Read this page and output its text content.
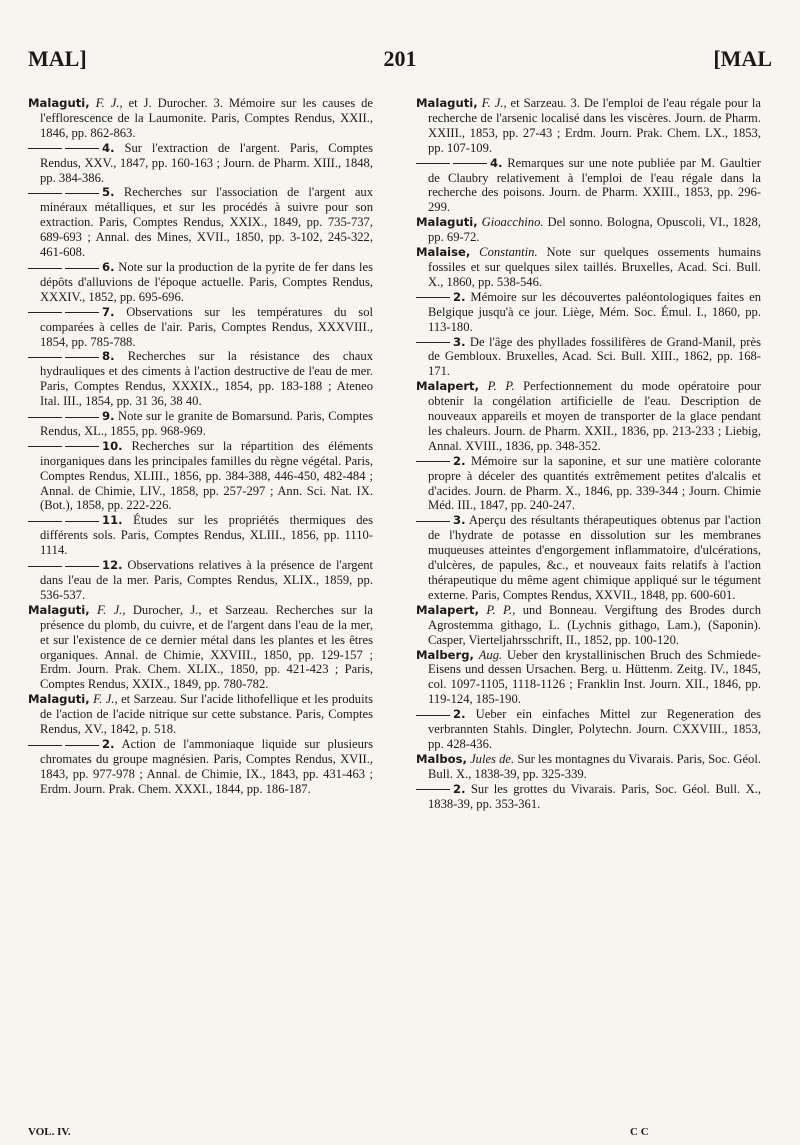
MAL]	201	[MAL

Malaguti, F. J., et J. Durocher. 3. Mémoire sur les causes de l'efflorescence de la Laumonite. Paris, Comptes Rendus, XXII., 1846, pp. 862-863.

4. Sur l'extraction de l'argent. Paris, Comptes Rendus, XXV., 1847, pp. 160-163 ; Journ. de Pharm. XIII., 1848, pp. 384-386.

5. Recherches sur l'association de l'argent aux minéraux métalliques, et sur les procédés à suivre pour son extraction. Paris, Comptes Rendus, XXIX., 1849, pp. 735-737, 689-693 ; Annal. des Mines, XVII., 1850, pp. 3-102, 245-322, 461-608.

6. Note sur la production de la pyrite de fer dans les dépôts d'alluvions de l'époque actuelle. Paris, Comptes Rendus, XXXIV., 1852, pp. 695-696.

7. Observations sur les températures du sol comparées à celles de l'air. Paris, Comptes Rendus, XXXVIII., 1854, pp. 785-788.

8. Recherches sur la résistance des chaux hydrauliques et des ciments à l'action destructive de l'eau de mer. Paris, Comptes Rendus, XXXIX., 1854, pp. 183-188 ; Ateneo Ital. III., 1854, pp. 31 36, 38 40.

9. Note sur le granite de Bomarsund. Paris, Comptes Rendus, XL., 1855, pp. 968-969.

10. Recherches sur la répartition des éléments inorganiques dans les principales familles du règne végétal. Paris, Comptes Rendus, XLIII., 1856, pp. 384-388, 446-450, 482-484 ; Annal. de Chimie, LIV., 1858, pp. 257-297 ; Ann. Sci. Nat. IX. (Bot.), 1858, pp. 222-226.

11. Études sur les propriétés thermiques des différents sols. Paris, Comptes Rendus, XLIII., 1856, pp. 1110-1114.

12. Observations relatives à la présence de l'argent dans l'eau de la mer. Paris, Comptes Rendus, XLIX., 1859, pp. 536-537.

Malaguti, F. J., Durocher, J., et Sarzeau. Recherches sur la présence du plomb, du cuivre, et de l'argent dans l'eau de la mer, et sur l'existence de ce dernier métal dans les plantes et les êtres organiques. Annal. de Chimie, XXVIII., 1850, pp. 129-157 ; Erdm. Journ. Prak. Chem. XLIX., 1850, pp. 421-423 ; Paris, Comptes Rendus, XXIX., 1849, pp. 780-782.

Malaguti, F. J., et Sarzeau. Sur l'acide lithofellique et les produits de l'action de l'acide nitrique sur cette substance. Paris, Comptes Rendus, XV., 1842, p. 518.

2. Action de l'ammoniaque liquide sur plusieurs chromates du groupe magnésien. Paris, Comptes Rendus, XVII., 1843, pp. 977-978 ; Annal. de Chimie, IX., 1843, pp. 431-463 ; Erdm. Journ. Prak. Chem. XXXI., 1844, pp. 186-187.

Malaguti, F. J., et Sarzeau. 3. De l'emploi de l'eau régale pour la recherche de l'arsenic localisé dans les viscères. Journ. de Pharm. XXIII., 1853, pp. 27-43 ; Erdm. Journ. Prak. Chem. LX., 1853, pp. 107-109.

4. Remarques sur une note publiée par M. Gaultier de Claubry relativement à l'emploi de l'eau régale dans la recherche des poisons. Journ. de Pharm. XXIII., 1853, pp. 296-299.

Malaguti, Gioacchino. Del sonno. Bologna, Opuscoli, VI., 1828, pp. 69-72.

Malaise, Constantin. Note sur quelques ossements humains fossiles et sur quelques silex taillés. Bruxelles, Acad. Sci. Bull. X., 1860, pp. 538-546.

2. Mémoire sur les découvertes paléontologiques faites en Belgique jusqu'à ce jour. Liège, Mém. Soc. Émul. I., 1860, pp. 113-180.

3. De l'âge des phyllades fossilifères de Grand-Manil, près de Gembloux. Bruxelles, Acad. Sci. Bull. XIII., 1862, pp. 168-171.

Malapert, P. P. Perfectionnement du mode opératoire pour obtenir la congélation artificielle de l'eau. Description de nouveaux appareils et moyen de transporter de la glace pendant les chaleurs. Journ. de Pharm. XXII., 1836, pp. 213-233 ; Liebig, Annal. XVIII., 1836, pp. 348-352.

2. Mémoire sur la saponine, et sur une matière colorante propre à déceler des quantités extrêmement petites d'alcalis et d'acides. Journ. de Pharm. X., 1846, pp. 339-344 ; Journ. Chimie Méd. III., 1847, pp. 240-247.

3. Aperçu des résultants thérapeutiques obtenus par l'action de l'hydrate de potasse en dissolution sur les membranes muqueuses atteintes d'engorgement inflammatoire, d'ulcérations, d'ulcères, de papules, &c., et nouveaux faits relatifs à l'action thérapeutique du même agent chimique appliqué sur le tégument externe. Paris, Comptes Rendus, XXVII., 1848, pp. 600-601.

Malapert, P. P., und Bonneau. Vergiftung des Brodes durch Agrostemma githago, L. (Lychnis githago, Lam.), (Saponin). Casper, Vierteljahrsschrift, II., 1852, pp. 100-120.

Malberg, Aug. Ueber den krystallinischen Bruch des Schmiede-Eisens und dessen Ursachen. Berg. u. Hüttenm. Zeitg. IV., 1845, col. 1097-1105, 1118-1126 ; Franklin Inst. Journ. XII., 1846, pp. 119-124, 185-190.

2. Ueber ein einfaches Mittel zur Regeneration des verbrannten Stahls. Dingler, Polytechn. Journ. CXXVIII., 1853, pp. 428-436.

Malbos, Jules de. Sur les montagnes du Vivarais. Paris, Soc. Géol. Bull. X., 1838-39, pp. 325-339.

2. Sur les grottes du Vivarais. Paris, Soc. Géol. Bull. X., 1838-39, pp. 353-361.

VOL. IV.	C C
